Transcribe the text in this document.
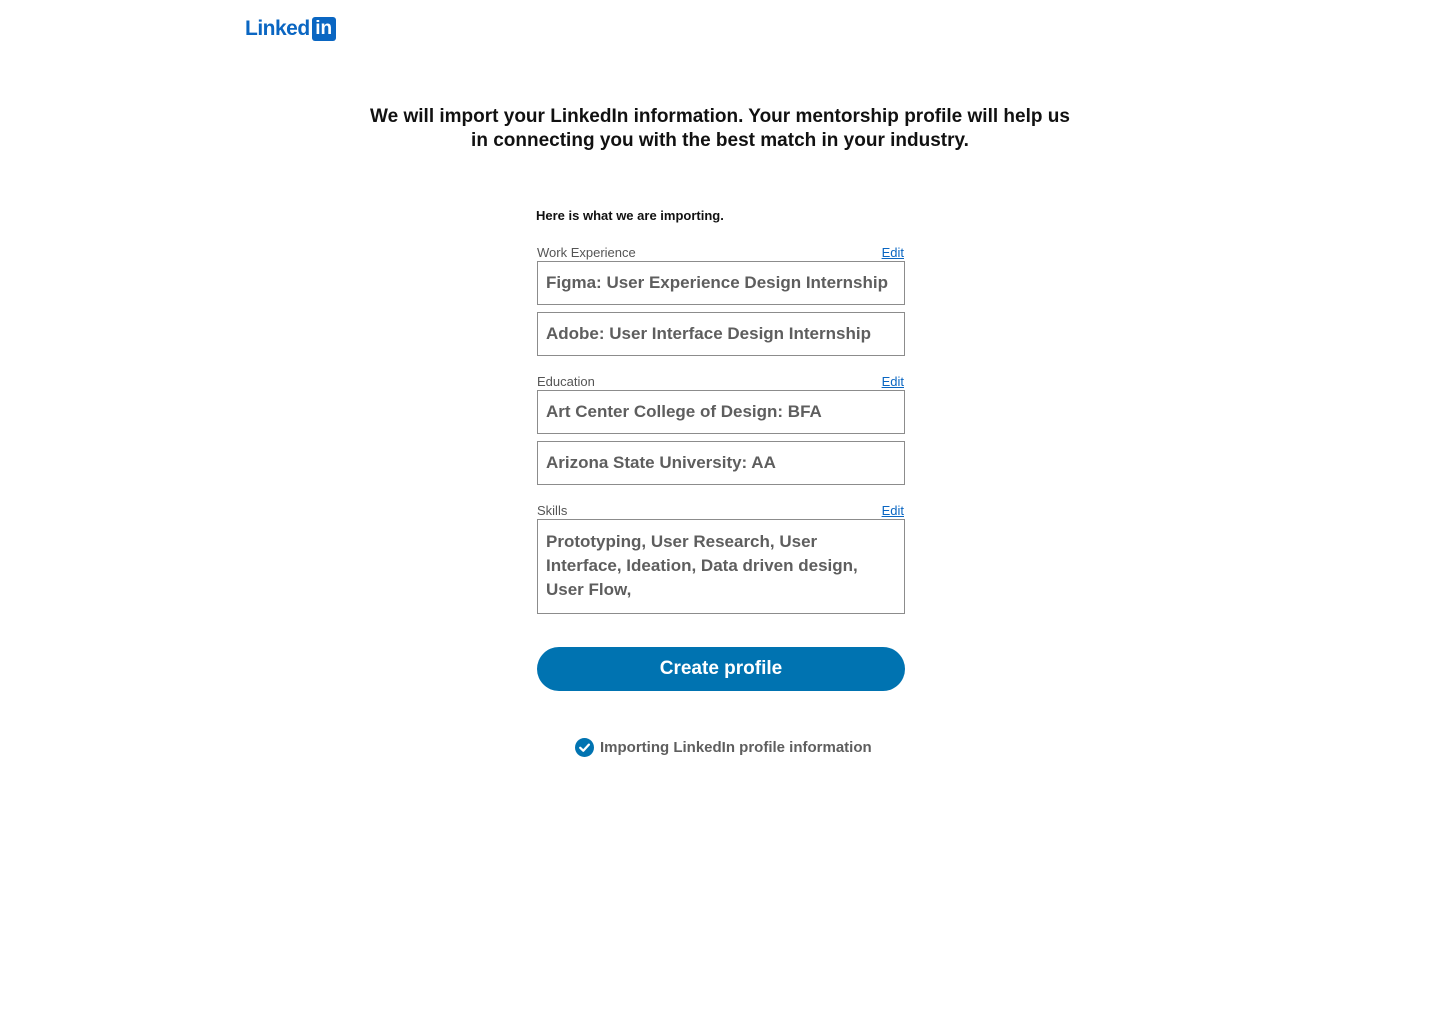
Linked in
We will import your LinkedIn information. Your mentorship profile will help us in connecting you with the best match in your industry.
Here is what we are importing.
Work Experience	Edit
Figma: User Experience Design Internship
Adobe: User Interface Design Internship
Education	Edit
Art Center College of Design: BFA
Arizona State University: AA
Skills	Edit
Prototyping, User Research, User Interface, Ideation, Data driven design, User Flow,
Create profile
Importing LinkedIn profile information
